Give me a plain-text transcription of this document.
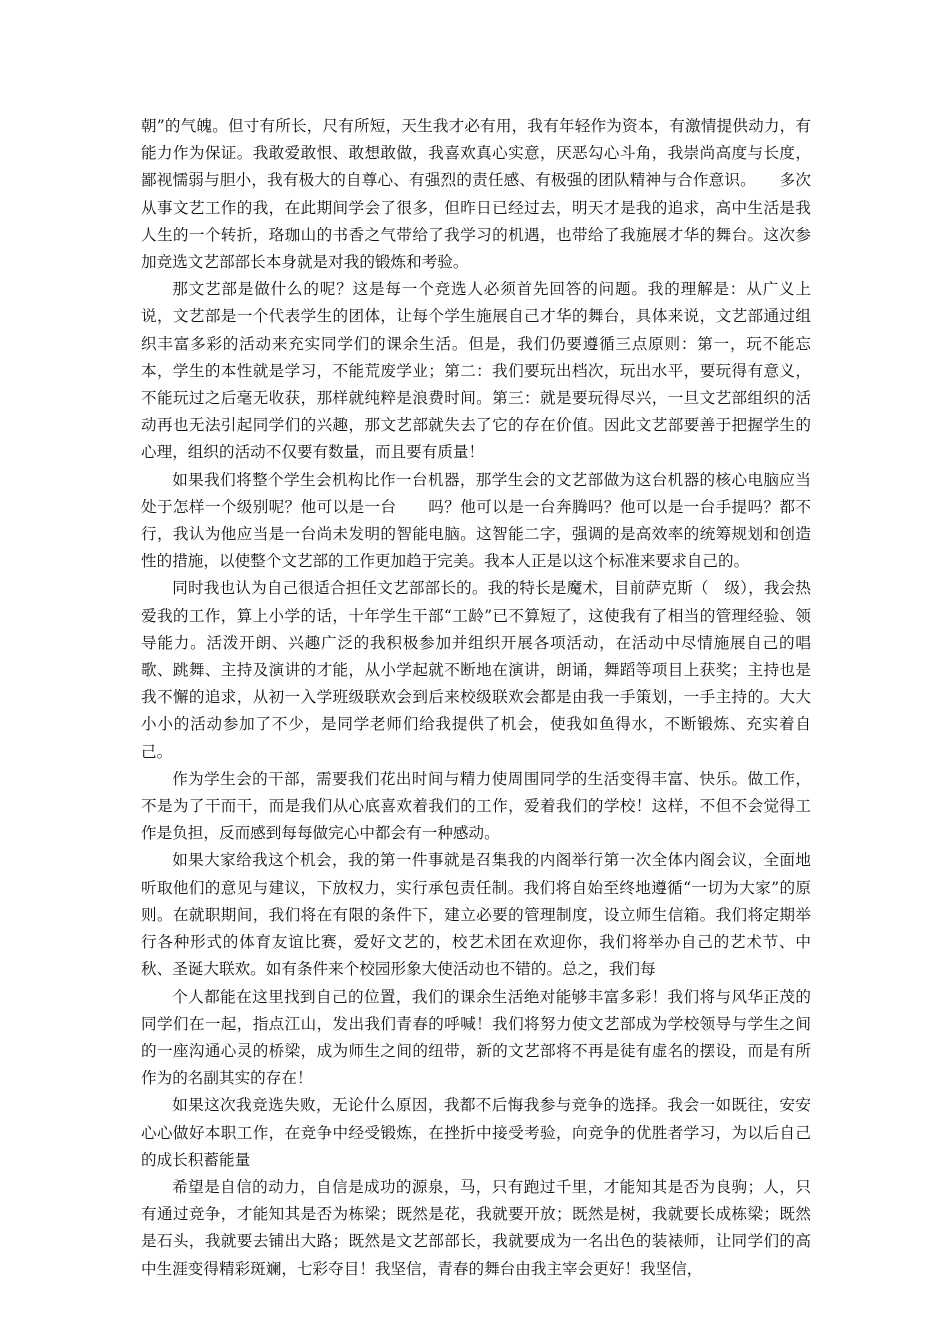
朝”的气魄。但寸有所长，尺有所短，天生我才必有用，我有年轻作为资本，有激情提供动力，有能力作为保证。我敢爱敢恨、敢想敢做，我喜欢真心实意，厌恶勾心斗角，我崇尚高度与长度，鄙视懦弱与胆小，我有极大的自尊心、有强烈的责任感、有极强的团队精神与合作意识。　　多次从事文艺工作的我，在此期间学会了很多，但昨日已经过去，明天才是我的追求，高中生活是我人生的一个转折，珞珈山的书香之气带给了我学习的机遇，也带给了我施展才华的舞台。这次参加竞选文艺部部长本身就是对我的锻炼和考验。

那文艺部是做什么的呢？这是每一个竞选人必须首先回答的问题。我的理解是：从广义上说，文艺部是一个代表学生的团体，让每个学生施展自己才华的舞台，具体来说，文艺部通过组织丰富多彩的活动来充实同学们的课余生活。但是，我们仍要遵循三点原则：第一，玩不能忘本，学生的本性就是学习，不能荒废学业；第二：我们要玩出档次，玩出水平，要玩得有意义，不能玩过之后毫无收获，那样就纯粹是浪费时间。第三：就是要玩得尽兴，一旦文艺部组织的活动再也无法引起同学们的兴趣，那文艺部就失去了它的存在价值。因此文艺部要善于把握学生的心理，组织的活动不仅要有数量，而且要有质量！

如果我们将整个学生会机构比作一台机器，那学生会的文艺部做为这台机器的核心电脑应当处于怎样一个级别呢？他可以是一台　　吗？他可以是一台奔腾吗？他可以是一台手提吗？都不行，我认为他应当是一台尚未发明的智能电脑。这智能二字，强调的是高效率的统筹规划和创造性的措施，以使整个文艺部的工作更加趋于完美。我本人正是以这个标准来要求自己的。

同时我也认为自己很适合担任文艺部部长的。我的特长是魔术，目前萨克斯（　级），我会热爱我的工作，算上小学的话，十年学生干部“工龄”已不算短了，这使我有了相当的管理经验、领导能力。活泼开朗、兴趣广泛的我积极参加并组织开展各项活动，在活动中尽情施展自己的唱歌、跳舞、主持及演讲的才能，从小学起就不断地在演讲，朗诵，舞蹈等项目上获奖；主持也是我不懈的追求，从初一入学班级联欢会到后来校级联欢会都是由我一手策划，一手主持的。大大小小的活动参加了不少，是同学老师们给我提供了机会，使我如鱼得水，不断锻炼、充实着自己。

作为学生会的干部，需要我们花出时间与精力使周围同学的生活变得丰富、快乐。做工作，不是为了干而干，而是我们从心底喜欢着我们的工作，爱着我们的学校！这样，不但不会觉得工作是负担，反而感到每每做完心中都会有一种感动。

如果大家给我这个机会，我的第一件事就是召集我的内阁举行第一次全体内阁会议，全面地听取他们的意见与建议，下放权力，实行承包责任制。我们将自始至终地遵循“一切为大家”的原则。在就职期间，我们将在有限的条件下，建立必要的管理制度，设立师生信箱。我们将定期举行各种形式的体育友谊比赛，爱好文艺的，校艺术团在欢迎你，我们将举办自己的艺术节、中秋、圣诞大联欢。如有条件来个校园形象大使活动也不错的。总之，我们每

个人都能在这里找到自己的位置，我们的课余生活绝对能够丰富多彩！我们将与风华正茂的同学们在一起，指点江山，发出我们青春的呼喊！我们将努力使文艺部成为学校领导与学生之间的一座沟通心灵的桥梁，成为师生之间的纽带，新的文艺部将不再是徒有虚名的摆设，而是有所作为的名副其实的存在！

如果这次我竞选失败，无论什么原因，我都不后悔我参与竞争的选择。我会一如既往，安安心心做好本职工作，在竞争中经受锻炼，在挫折中接受考验，向竞争的优胜者学习，为以后自己的成长积蓄能量

希望是自信的动力，自信是成功的源泉，马，只有跑过千里，才能知其是否为良驹；人，只有通过竞争，才能知其是否为栋梁；既然是花，我就要开放；既然是树，我就要长成栋梁；既然是石头，我就要去铺出大路；既然是文艺部部长，我就要成为一名出色的装裱师，让同学们的高中生涯变得精彩斑斓，七彩夺目！我坚信，青春的舞台由我主宰会更好！我坚信，
